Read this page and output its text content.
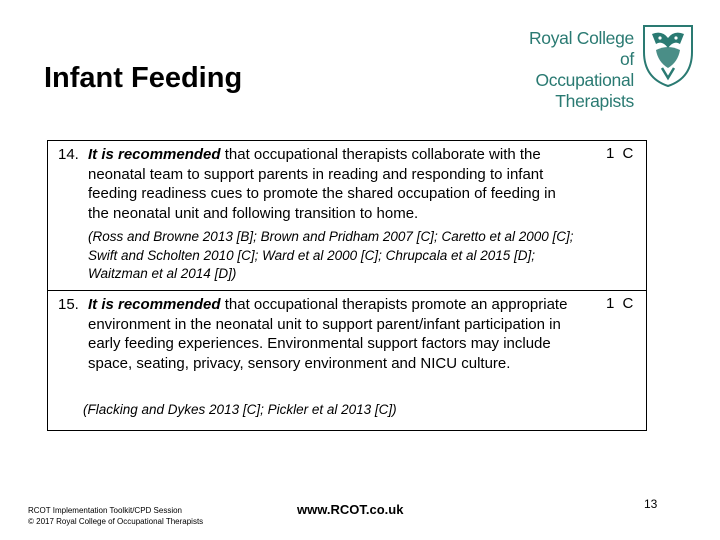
Infant Feeding
Royal College of
Occupational
Therapists
14. It is recommended that occupational therapists collaborate with the neonatal team to support parents in reading and responding to infant feeding readiness cues to promote the shared occupation of feeding in the neonatal unit and following transition to home.
1 C
(Ross and Browne 2013 [B]; Brown and Pridham 2007 [C]; Caretto et al 2000 [C]; Swift and Scholten 2010 [C]; Ward et al 2000 [C]; Chrupcala et al 2015 [D]; Waitzman et al 2014 [D])
15. It is recommended that occupational therapists promote an appropriate environment in the neonatal unit to support parent/infant participation in early feeding experiences. Environmental support factors may include space, seating, privacy, sensory environment and NICU culture.
1 C
(Flacking and Dykes 2013 [C]; Pickler et al 2013 [C])
RCOT Implementation Toolkit/CPD Session
© 2017 Royal College of Occupational Therapists
www.RCOT.co.uk	13
